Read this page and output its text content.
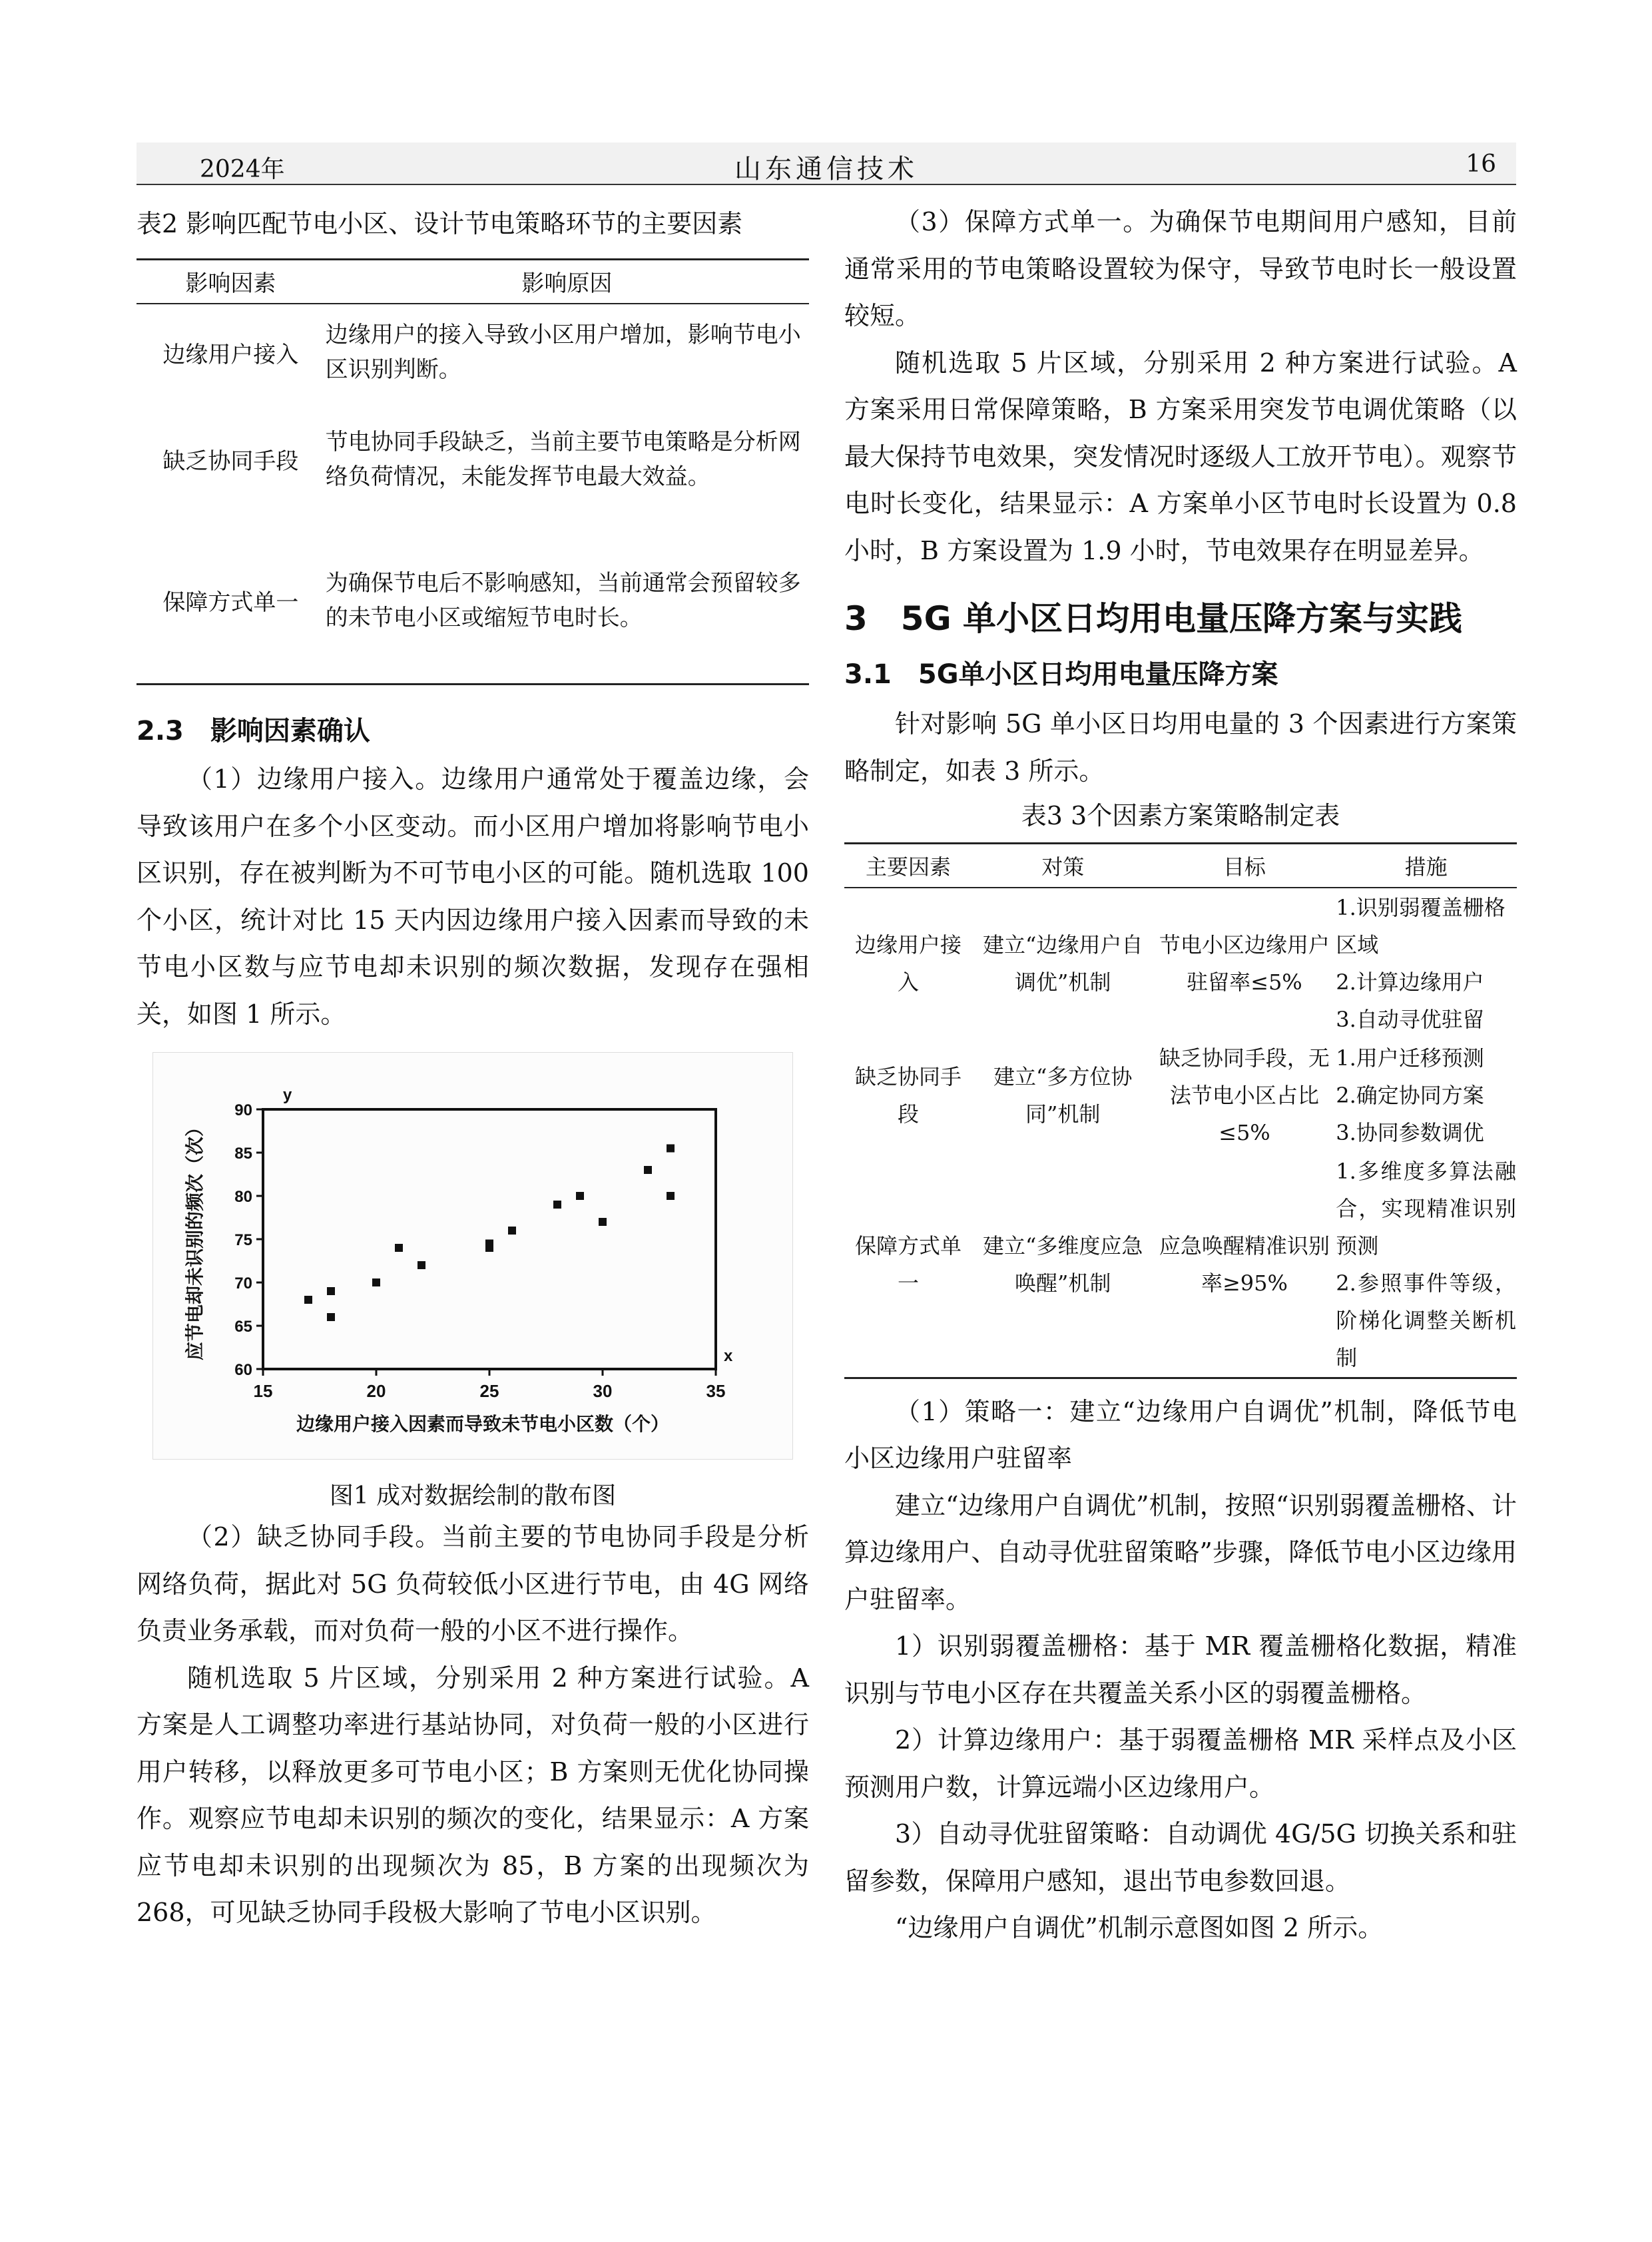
2024年	山东通信技术	16
表2 影响匹配节电小区、设计节电策略环节的主要因素
影响因素	影响原因
边缘用户接入	边缘用户的接入导致小区用户增加，影响节电小区识别判断。
缺乏协同手段	节电协同手段缺乏，当前主要节电策略是分析网络负荷情况，未能发挥节电最大效益。
保障方式单一	为确保节电后不影响感知，当前通常会预留较多的未节电小区或缩短节电时长。
2.3　影响因素确认

（1）边缘用户接入。边缘用户通常处于覆盖边缘，会导致该用户在多个小区变动。而小区用户增加将影响节电小区识别，存在被判断为不可节电小区的可能。随机选取 100 个小区，统计对比 15 天内因边缘用户接入因素而导致的未节电小区数与应节电却未识别的频次数据，发现存在强相关，如图 1 所示。

15	20	25	30	35
60
65
70
75
80
85
90
边缘用户接入因素而导致未节电小区数（个）
应节电却未识别的频次（次）
y
x
图1 成对数据绘制的散布图

（2）缺乏协同手段。当前主要的节电协同手段是分析网络负荷，据此对 5G 负荷较低小区进行节电，由 4G 网络负责业务承载，而对负荷一般的小区不进行操作。

随机选取 5 片区域，分别采用 2 种方案进行试验。A 方案是人工调整功率进行基站协同，对负荷一般的小区进行用户转移，以释放更多可节电小区；B 方案则无优化协同操作。观察应节电却未识别的频次的变化，结果显示：A 方案应节电却未识别的出现频次为 85，B 方案的出现频次为 268，可见缺乏协同手段极大影响了节电小区识别。

（3）保障方式单一。为确保节电期间用户感知，目前通常采用的节电策略设置较为保守，导致节电时长一般设置较短。

随机选取 5 片区域，分别采用 2 种方案进行试验。A 方案采用日常保障策略，B 方案采用突发节电调优策略（以最大保持节电效果，突发情况时逐级人工放开节电）。观察节电时长变化，结果显示：A 方案单小区节电时长设置为 0.8 小时，B 方案设置为 1.9 小时，节电效果存在明显差异。

3　5G 单小区日均用电量压降方案与实践
3.1　5G单小区日均用电量压降方案

针对影响 5G 单小区日均用电量的 3 个因素进行方案策略制定，如表 3 所示。

表3 3个因素方案策略制定表
主要因素	对策	目标	措施
边缘用户接入	建立“边缘用户自调优”机制	节电小区边缘用户驻留率≤5%	1.识别弱覆盖栅格区域
2.计算边缘用户
3.自动寻优驻留

缺乏协同手段	建立“多方位协同”机制	缺乏协同手段，无法节电小区占比≤5%	1.用户迁移预测
2.确定协同方案
3.协同参数调优

保障方式单一	建立“多维度应急唤醒”机制	应急唤醒精准识别率≥95%	1.多维度多算法融合，实现精准识别预测
2.参照事件等级，阶梯化调整关断机制

（1）策略一：建立“边缘用户自调优”机制，降低节电小区边缘用户驻留率

建立“边缘用户自调优”机制，按照“识别弱覆盖栅格、计算边缘用户、自动寻优驻留策略”步骤，降低节电小区边缘用户驻留率。

1）识别弱覆盖栅格：基于 MR 覆盖栅格化数据，精准识别与节电小区存在共覆盖关系小区的弱覆盖栅格。

2）计算边缘用户：基于弱覆盖栅格 MR 采样点及小区预测用户数，计算远端小区边缘用户。

3）自动寻优驻留策略：自动调优 4G/5G 切换关系和驻留参数，保障用户感知，退出节电参数回退。

“边缘用户自调优”机制示意图如图 2 所示。
